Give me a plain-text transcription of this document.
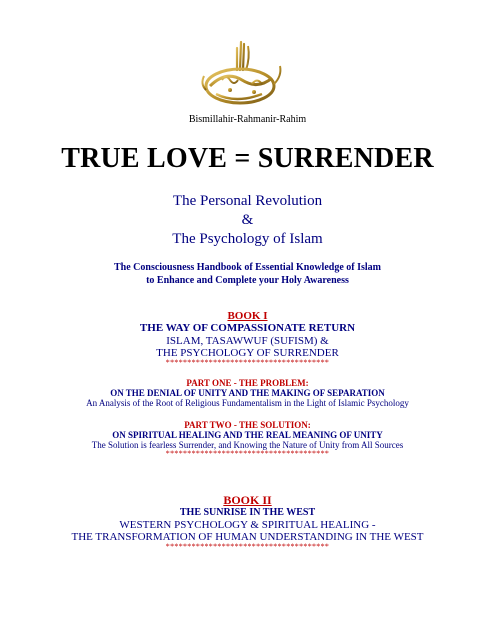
Bismillahir-Rahmanir-Rahim
TRUE LOVE = SURRENDER
The Personal Revolution
&
The Psychology of Islam
The Consciousness Handbook of Essential Knowledge of Islam
to Enhance and Complete your Holy Awareness
BOOK I
THE WAY OF COMPASSIONATE RETURN
ISLAM, TASAWWUF (SUFISM) &
THE PSYCHOLOGY OF SURRENDER
**************************************
PART ONE - THE PROBLEM:
ON THE DENIAL OF UNITY AND THE MAKING OF SEPARATION
An Analysis of the Root of Religious Fundamentalism in the Light of Islamic Psychology
PART TWO - THE SOLUTION:
ON SPIRITUAL HEALING AND THE REAL MEANING OF UNITY
The Solution is fearless Surrender, and Knowing the Nature of Unity from All Sources
**************************************
BOOK II
THE SUNRISE IN THE WEST
WESTERN PSYCHOLOGY & SPIRITUAL HEALING -
THE TRANSFORMATION OF HUMAN UNDERSTANDING IN THE WEST
**************************************
